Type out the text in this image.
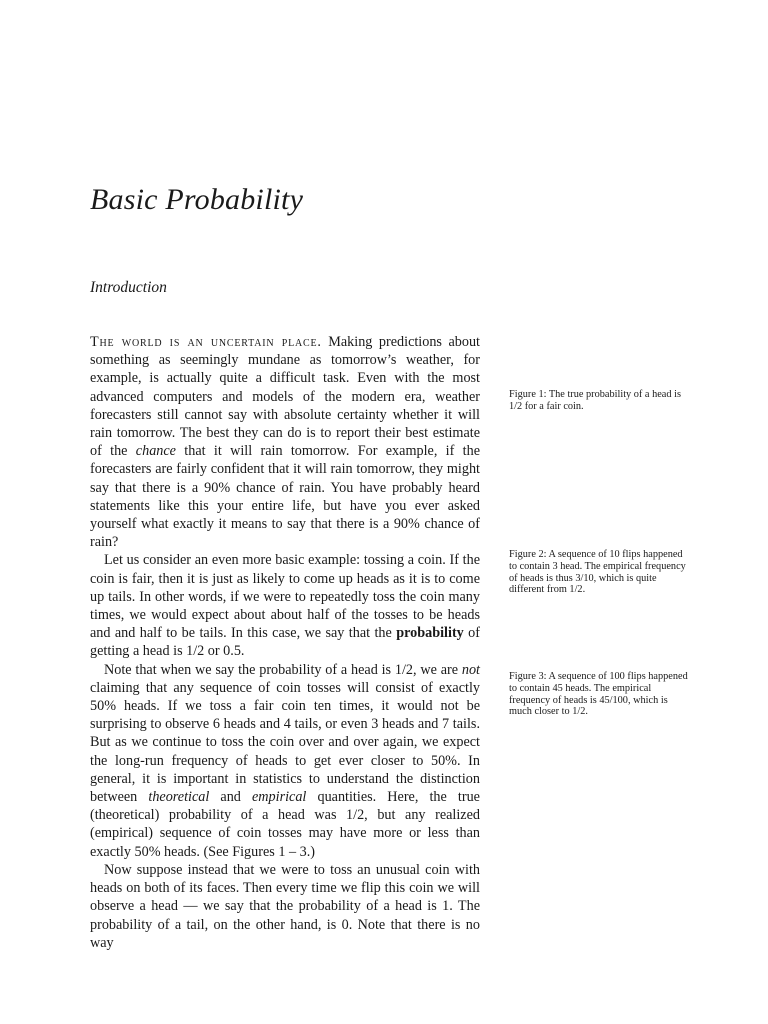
Basic Probability
Introduction

The world is an uncertain place. Making predictions about something as seemingly mundane as tomorrow’s weather, for example, is actually quite a difficult task. Even with the most advanced computers and models of the modern era, weather forecasters still cannot say with absolute certainty whether it will rain tomorrow. The best they can do is to report their best estimate of the chance that it will rain tomorrow. For example, if the forecasters are fairly confident that it will rain tomorrow, they might say that there is a 90% chance of rain. You have probably heard statements like this your entire life, but have you ever asked yourself what exactly it means to say that there is a 90% chance of rain?

Let us consider an even more basic example: tossing a coin. If the coin is fair, then it is just as likely to come up heads as it is to come up tails. In other words, if we were to repeatedly toss the coin many times, we would expect about about half of the tosses to be heads and and half to be tails. In this case, we say that the probability of getting a head is 1/2 or 0.5.

Note that when we say the probability of a head is 1/2, we are not claiming that any sequence of coin tosses will consist of exactly 50% heads. If we toss a fair coin ten times, it would not be surprising to observe 6 heads and 4 tails, or even 3 heads and 7 tails. But as we continue to toss the coin over and over again, we expect the long-run frequency of heads to get ever closer to 50%. In general, it is important in statistics to understand the distinction between theoretical and empirical quantities. Here, the true (theoretical) probability of a head was 1/2, but any realized (empirical) sequence of coin tosses may have more or less than exactly 50% heads. (See Figures 1 – 3.)

Now suppose instead that we were to toss an unusual coin with heads on both of its faces. Then every time we flip this coin we will observe a head — we say that the probability of a head is 1. The probability of a tail, on the other hand, is 0. Note that there is no way

Figure 1: The true probability of a head is 1/2 for a fair coin.
Figure 2: A sequence of 10 flips happened to contain 3 head. The empirical frequency of heads is thus 3/10, which is quite different from 1/2.
Figure 3: A sequence of 100 flips happened to contain 45 heads. The empirical frequency of heads is 45/100, which is much closer to 1/2.
